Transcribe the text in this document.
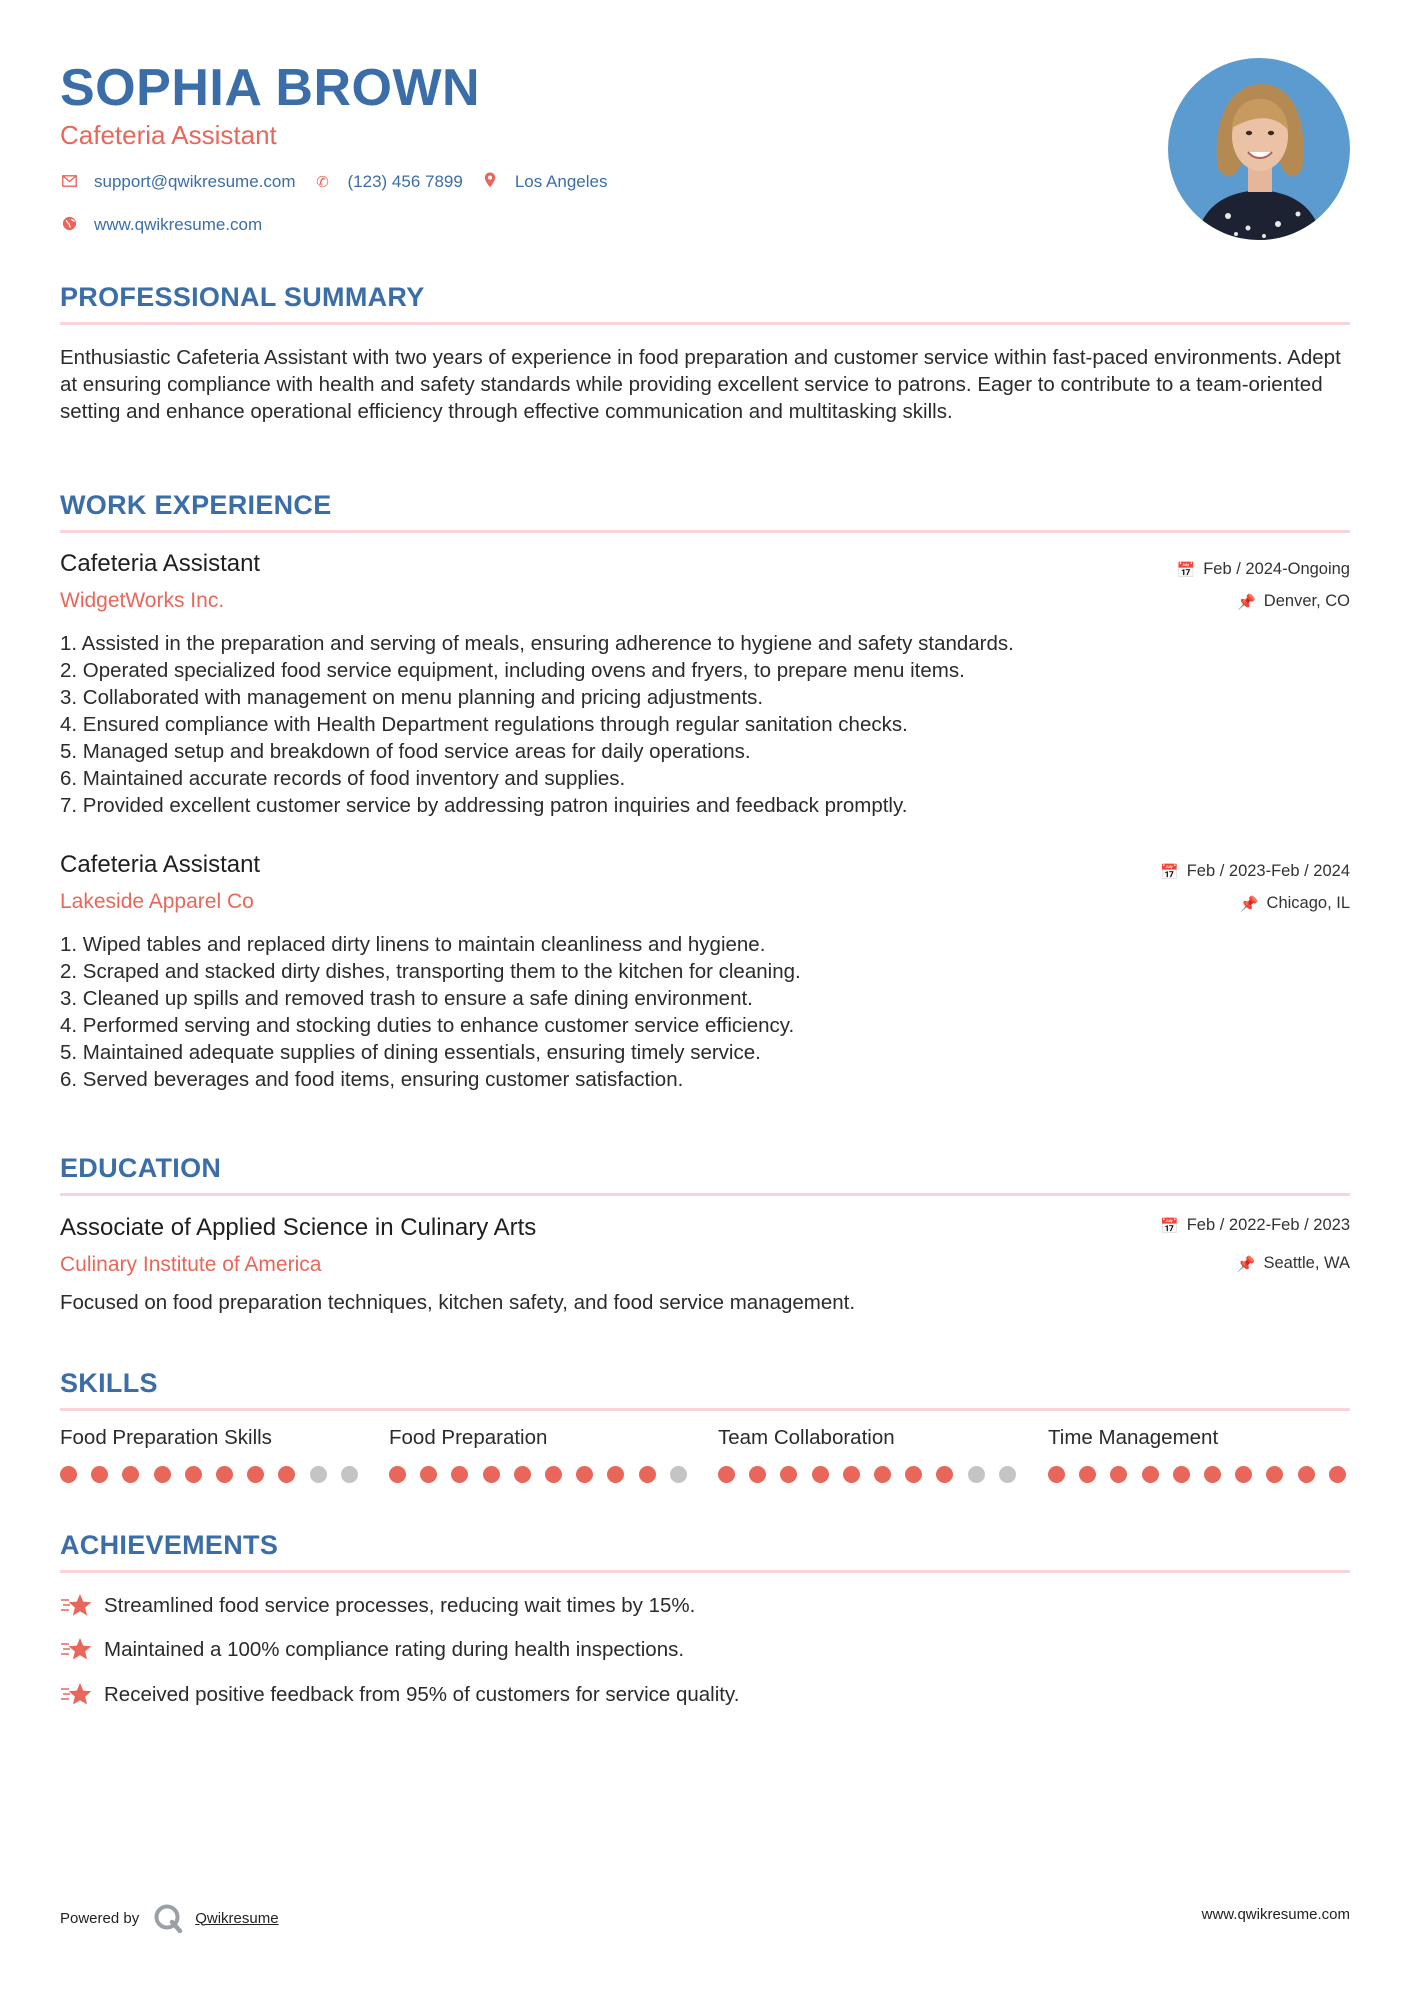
SOPHIA BROWN
Cafeteria Assistant
support@qwikresume.com ✆ (123) 456 7899	Los Angeles
www.qwikresume.com
PROFESSIONAL SUMMARY
Enthusiastic Cafeteria Assistant with two years of experience in food preparation and customer service within fast-paced environments. Adept at ensuring compliance with health and safety standards while providing excellent service to patrons. Eager to contribute to a team-oriented setting and enhance operational efficiency through effective communication and multitasking skills.
WORK EXPERIENCE
Cafeteria Assistant
WidgetWorks Inc.
📅 Feb / 2024-Ongoing
📌 Denver, CO
1. Assisted in the preparation and serving of meals, ensuring adherence to hygiene and safety standards.
2. Operated specialized food service equipment, including ovens and fryers, to prepare menu items.
3. Collaborated with management on menu planning and pricing adjustments.
4. Ensured compliance with Health Department regulations through regular sanitation checks.
5. Managed setup and breakdown of food service areas for daily operations.
6. Maintained accurate records of food inventory and supplies.
7. Provided excellent customer service by addressing patron inquiries and feedback promptly.
Cafeteria Assistant
Lakeside Apparel Co
📅 Feb / 2023-Feb / 2024
📌 Chicago, IL
1. Wiped tables and replaced dirty linens to maintain cleanliness and hygiene.
2. Scraped and stacked dirty dishes, transporting them to the kitchen for cleaning.
3. Cleaned up spills and removed trash to ensure a safe dining environment.
4. Performed serving and stocking duties to enhance customer service efficiency.
5. Maintained adequate supplies of dining essentials, ensuring timely service.
6. Served beverages and food items, ensuring customer satisfaction.
EDUCATION
Associate of Applied Science in Culinary Arts
Culinary Institute of America
📅 Feb / 2022-Feb / 2023
📌 Seattle, WA
Focused on food preparation techniques, kitchen safety, and food service management.
SKILLS
Food Preparation Skills	Food Preparation	Team Collaboration	Time Management
ACHIEVEMENTS
Streamlined food service processes, reducing wait times by 15%.
Maintained a 100% compliance rating during health inspections.
Received positive feedback from 95% of customers for service quality.
Powered by	Qwikresume	www.qwikresume.com
